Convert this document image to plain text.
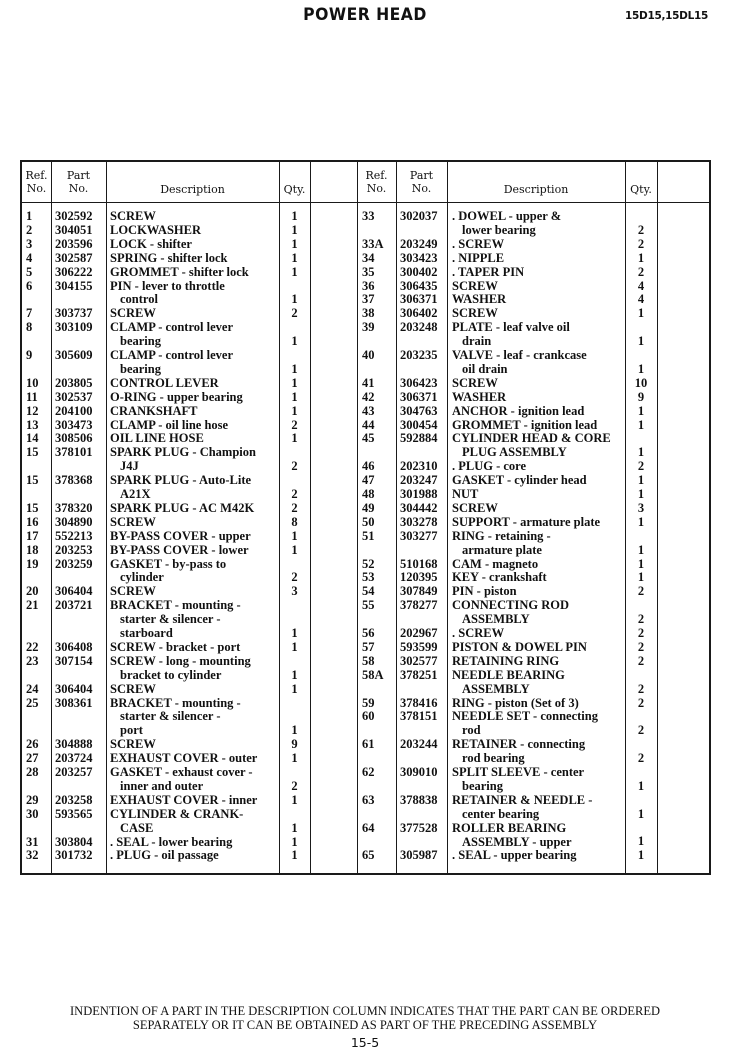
POWER HEAD	15D15,15DL15
Ref.
No.
Part
No.	Description	Qty.
Ref.
No.
Part
No.	Description	Qty.
1 302592 SCREW	1
2 304051 LOCKWASHER	1
3 203596 LOCK - shifter	1
4 302587 SPRING - shifter lock	1
5 306222 GROMMET - shifter lock	1
6 304155 PIN - lever to throttle
control	1
7 303737 SCREW	2
8 303109 CLAMP - control lever
bearing	1
9 305609 CLAMP - control lever
bearing	1
10 203805 CONTROL LEVER	1
11 302537 O-RING - upper bearing	1
12 204100 CRANKSHAFT	1
13 303473 CLAMP - oil line hose	2
14 308506 OIL LINE HOSE	1
15 378101 SPARK PLUG - Champion
J4J	2
15 378368 SPARK PLUG - Auto-Lite
A21X	2
15 378320 SPARK PLUG - AC M42K	2
16 304890 SCREW	8
17 552213 BY-PASS COVER - upper	1
18 203253 BY-PASS COVER - lower	1
19 203259 GASKET - by-pass to
cylinder	2
20 306404 SCREW	3
21 203721 BRACKET - mounting -
starter & silencer -
starboard	1
22 306408 SCREW - bracket - port	1
23 307154 SCREW - long - mounting
bracket to cylinder	1
24 306404 SCREW	1
25 308361 BRACKET - mounting -
starter & silencer -
port	1
26 304888 SCREW	9
27 203724 EXHAUST COVER - outer	1
28 203257 GASKET - exhaust cover -
inner and outer	2
29 203258 EXHAUST COVER - inner	1
30 593565 CYLINDER & CRANK-
CASE	1
31 303804 . SEAL - lower bearing	1
32 301732 . PLUG - oil passage	1
33 302037 . DOWEL - upper &
lower bearing	2
33A 203249 . SCREW	2
34 303423 . NIPPLE	1
35 300402 . TAPER PIN	2
36 306435 SCREW	4
37 306371 WASHER	4
38 306402 SCREW	1
39 203248 PLATE - leaf valve oil
drain	1
40 203235 VALVE - leaf - crankcase
oil drain	1
41 306423 SCREW	10
42 306371 WASHER	9
43 304763 ANCHOR - ignition lead	1
44 300454 GROMMET - ignition lead	1
45 592884 CYLINDER HEAD & CORE
PLUG ASSEMBLY	1
46 202310 . PLUG - core	2
47 203247 GASKET - cylinder head	1
48 301988 NUT	1
49 304442 SCREW	3
50 303278 SUPPORT - armature plate	1
51 303277 RING - retaining -
armature plate	1
52 510168 CAM - magneto	1
53 120395 KEY - crankshaft	1
54 307849 PIN - piston	2
55 378277 CONNECTING ROD
ASSEMBLY	2
56 202967 . SCREW	2
57 593599 PISTON & DOWEL PIN	2
58 302577 RETAINING RING	2
58A 378251 NEEDLE BEARING
ASSEMBLY	2
59 378416 RING - piston (Set of 3)	2
60 378151 NEEDLE SET - connecting
rod	2
61 203244 RETAINER - connecting
rod bearing	2
62 309010 SPLIT SLEEVE - center
bearing	1
63 378838 RETAINER & NEEDLE -
center bearing	1
64 377528 ROLLER BEARING
ASSEMBLY - upper	1
65 305987 . SEAL - upper bearing	1
INDENTION OF A PART IN THE DESCRIPTION COLUMN INDICATES THAT THE PART CAN BE ORDERED
SEPARATELY OR IT CAN BE OBTAINED AS PART OF THE PRECEDING ASSEMBLY
15-5
